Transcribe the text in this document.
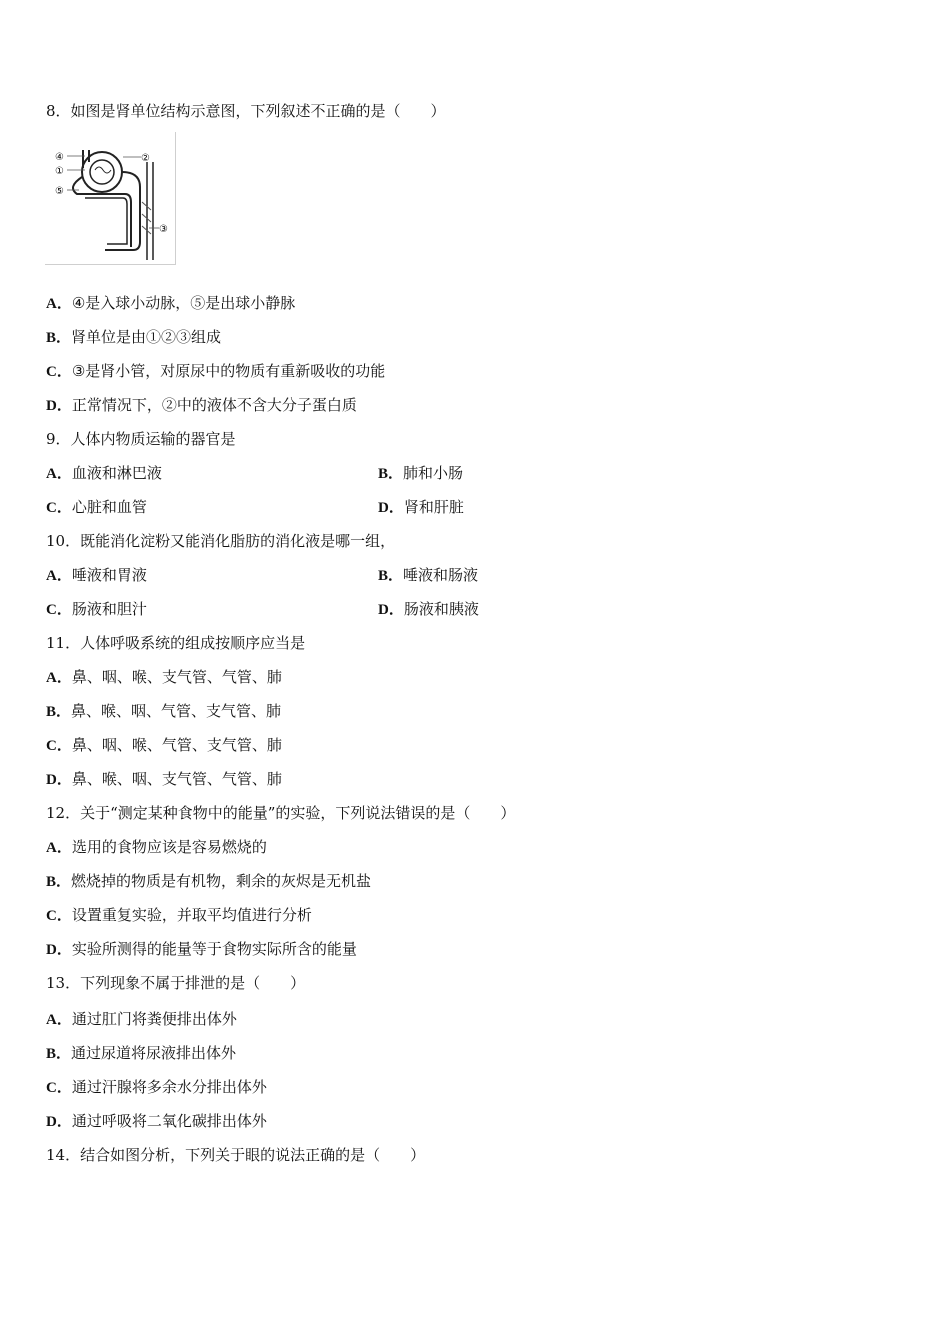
8．如图是肾单位结构示意图，下列叙述不正确的是（　　）
④	②
①
⑤
③
A．④是入球小动脉，⑤是出球小静脉
B．肾单位是由①②③组成
C．③是肾小管，对原尿中的物质有重新吸收的功能
D．正常情况下，②中的液体不含大分子蛋白质
9．人体内物质运输的器官是
A．血液和淋巴液	B．肺和小肠
C．心脏和血管	D．肾和肝脏
10．既能消化淀粉又能消化脂肪的消化液是哪一组，
A．唾液和胃液	B．唾液和肠液
C．肠液和胆汁	D．肠液和胰液
11．人体呼吸系统的组成按顺序应当是
A．鼻、咽、喉、支气管、气管、肺
B．鼻、喉、咽、气管、支气管、肺
C．鼻、咽、喉、气管、支气管、肺
D．鼻、喉、咽、支气管、气管、肺
12．关于“测定某种食物中的能量”的实验，下列说法错误的是（　　）
A．选用的食物应该是容易燃烧的
B．燃烧掉的物质是有机物，剩余的灰烬是无机盐
C．设置重复实验，并取平均值进行分析
D．实验所测得的能量等于食物实际所含的能量
13．下列现象不属于排泄的是（　　）
A．通过肛门将粪便排出体外
B．通过尿道将尿液排出体外
C．通过汗腺将多余水分排出体外
D．通过呼吸将二氧化碳排出体外
14．结合如图分析，下列关于眼的说法正确的是（　　）
